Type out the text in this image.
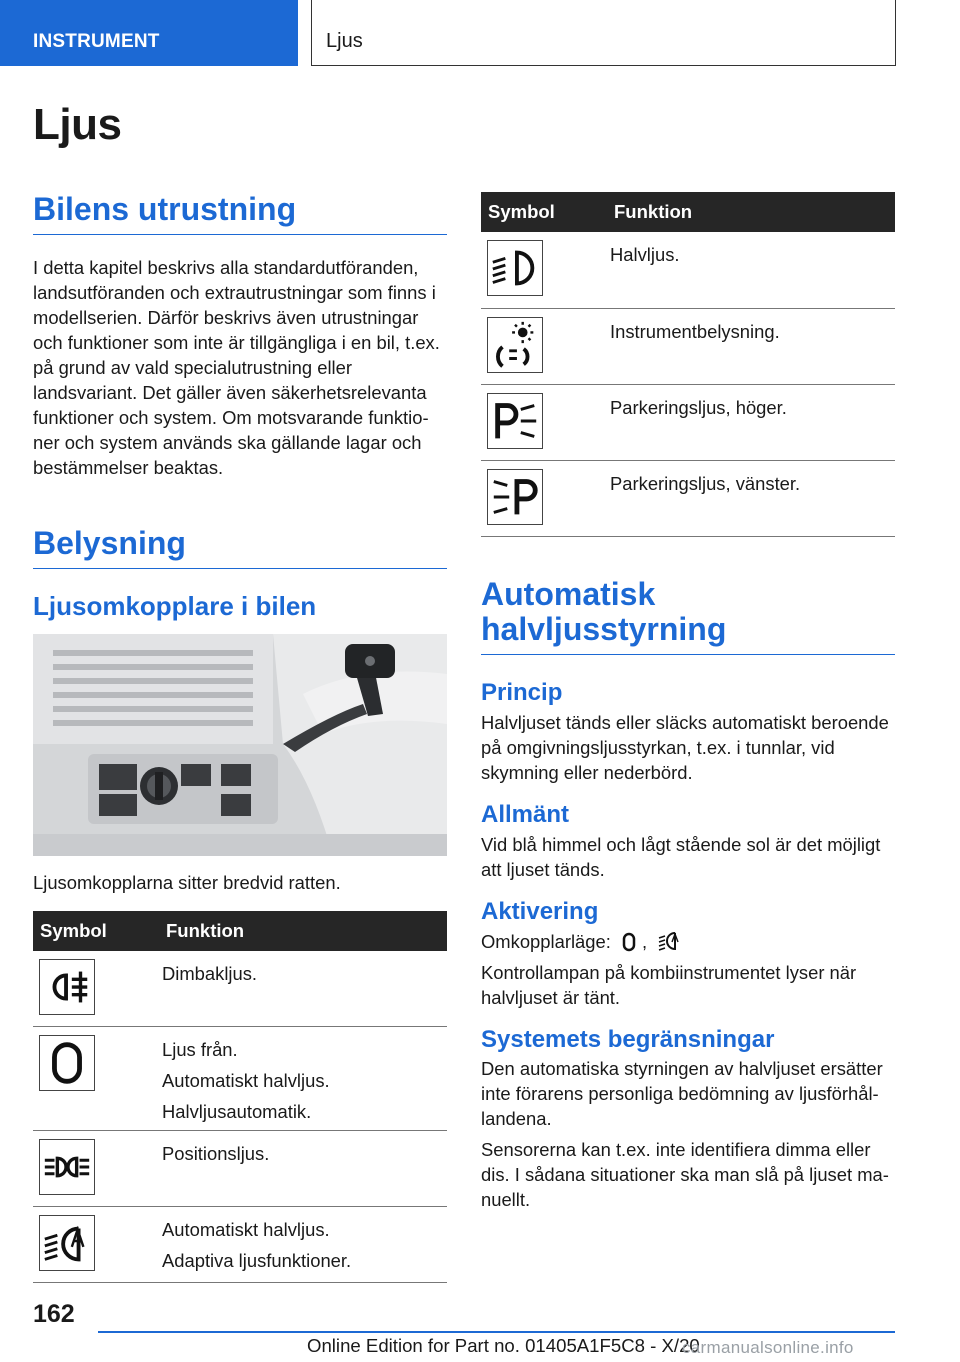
INSTRUMENT	Ljus
Ljus
Bilens utrustning

I detta kapitel beskrivs alla standardutföranden, landsutföranden och extrautrustningar som finns i modellserien. Därför beskrivs även utrustningar och funktioner som inte är tillgängliga i en bil, t.ex. på grund av vald specialutrustning eller landsvariant. Det gäller även säkerhetsrelevanta funktioner och system. Om motsvarande funktioner och system används ska gällande lagar och bestämmelser beaktas.

Belysning
Ljusomkopplare i bilen

Ljusomkopplarna sitter bredvid ratten.

Symbol	Funktion

Dimbakljus.

Ljus från.
Automatiskt halvljus.
Halvljusautomatik.

Positionsljus.

Automatiskt halvljus.
Adaptiva ljusfunktioner.
Symbol	Funktion

Halvljus.

Instrumentbelysning.

Parkeringsljus, höger.

Parkeringsljus, vänster.
Automatisk halvljusstyrning
Princip

Halvljuset tänds eller släcks automatiskt beroende på omgivningsljusstyrkan, t.ex. i tunnlar, vid skymning eller nederbörd.

Allmänt

Vid blå himmel och lågt stående sol är det möjligt att ljuset tänds.

Aktivering

Omkopplarläge: ,

Kontrollampan på kombiinstrumentet lyser när halvljuset är tänt.

Systemets begränsningar

Den automatiska styrningen av halvljuset ersätter inte förarens personliga bedömning av ljusförhållandena.

Sensorerna kan t.ex. inte identifiera dimma eller dis. I sådana situationer ska man slå på ljuset manuellt.

162
Online Edition for Part no. 01405A1F5C8 - X/20
carmanualsonline.info
